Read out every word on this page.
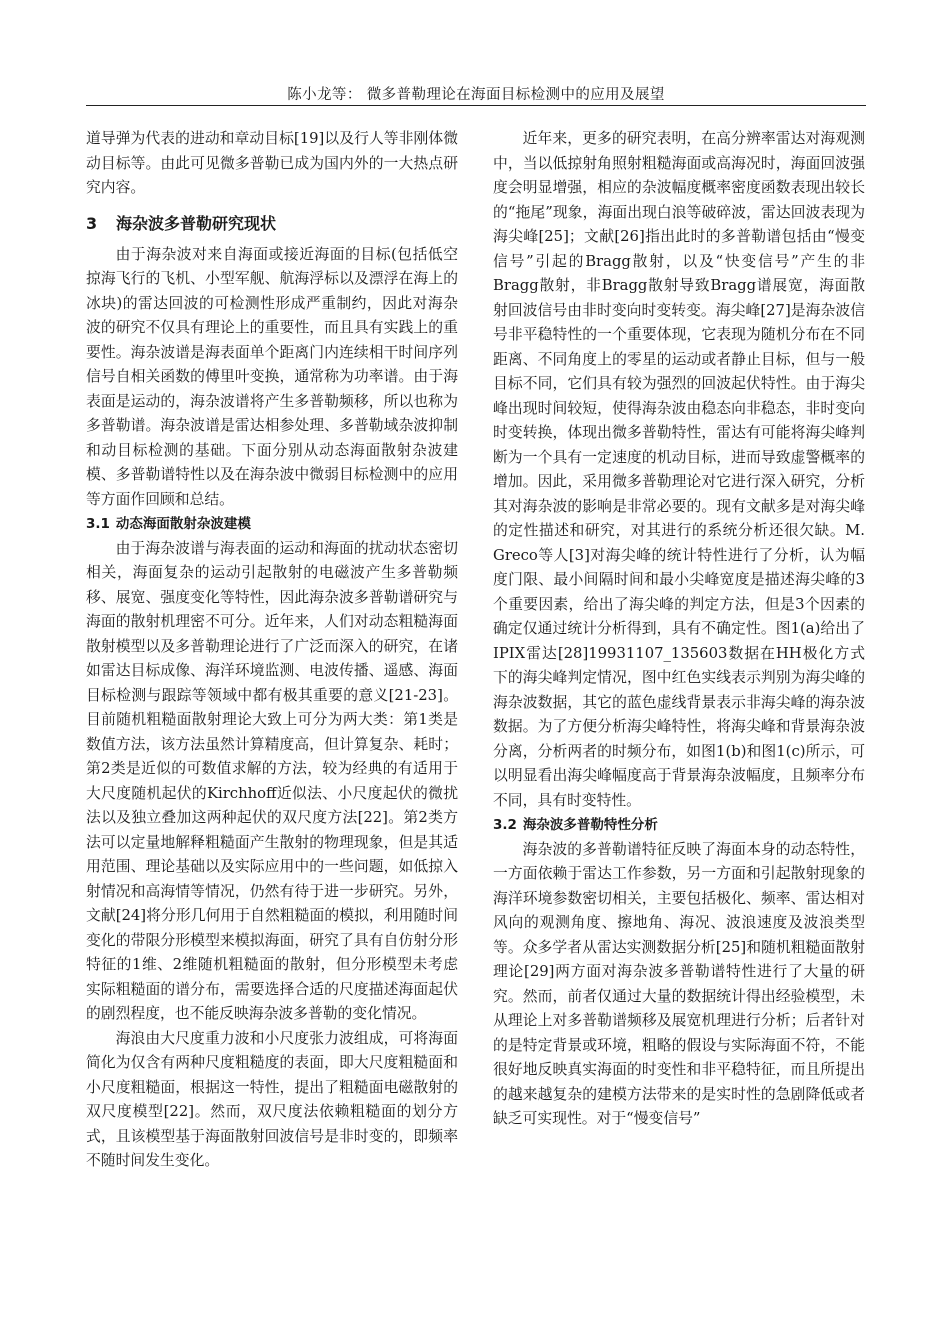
陈小龙等： 微多普勒理论在海面目标检测中的应用及展望

道导弹为代表的进动和章动目标[19]以及行人等非刚体微动目标等。由此可见微多普勒已成为国内外的一大热点研究内容。

3 海杂波多普勒研究现状

由于海杂波对来自海面或接近海面的目标(包括低空掠海飞行的飞机、小型军舰、航海浮标以及漂浮在海上的冰块)的雷达回波的可检测性形成严重制约，因此对海杂波的研究不仅具有理论上的重要性，而且具有实践上的重要性。海杂波谱是海表面单个距离门内连续相干时间序列信号自相关函数的傅里叶变换，通常称为功率谱。由于海表面是运动的，海杂波谱将产生多普勒频移，所以也称为多普勒谱。海杂波谱是雷达相参处理、多普勒域杂波抑制和动目标检测的基础。下面分别从动态海面散射杂波建模、多普勒谱特性以及在海杂波中微弱目标检测中的应用等方面作回顾和总结。

3.1 动态海面散射杂波建模

由于海杂波谱与海表面的运动和海面的扰动状态密切相关，海面复杂的运动引起散射的电磁波产生多普勒频移、展宽、强度变化等特性，因此海杂波多普勒谱研究与海面的散射机理密不可分。近年来，人们对动态粗糙海面散射模型以及多普勒理论进行了广泛而深入的研究，在诸如雷达目标成像、海洋环境监测、电波传播、遥感、海面目标检测与跟踪等领域中都有极其重要的意义[21-23]。目前随机粗糙面散射理论大致上可分为两大类：第1类是数值方法，该方法虽然计算精度高，但计算复杂、耗时；第2类是近似的可数值求解的方法，较为经典的有适用于大尺度随机起伏的Kirchhoff近似法、小尺度起伏的微扰法以及独立叠加这两种起伏的双尺度方法[22]。第2类方法可以定量地解释粗糙面产生散射的物理现象，但是其适用范围、理论基础以及实际应用中的一些问题，如低掠入射情况和高海情等情况，仍然有待于进一步研究。另外，文献[24]将分形几何用于自然粗糙面的模拟，利用随时间变化的带限分形模型来模拟海面，研究了具有自仿射分形特征的1维、2维随机粗糙面的散射，但分形模型未考虑实际粗糙面的谱分布，需要选择合适的尺度描述海面起伏的剧烈程度，也不能反映海杂波多普勒的变化情况。

海浪由大尺度重力波和小尺度张力波组成，可将海面简化为仅含有两种尺度粗糙度的表面，即大尺度粗糙面和小尺度粗糙面，根据这一特性，提出了粗糙面电磁散射的双尺度模型[22]。然而，双尺度法依赖粗糙面的划分方式，且该模型基于海面散射回波信号是非时变的，即频率不随时间发生变化。

近年来，更多的研究表明，在高分辨率雷达对海观测中，当以低掠射角照射粗糙海面或高海况时，海面回波强度会明显增强，相应的杂波幅度概率密度函数表现出较长的“拖尾”现象，海面出现白浪等破碎波，雷达回波表现为海尖峰[25]；文献[26]指出此时的多普勒谱包括由“慢变信号”引起的Bragg散射，以及“快变信号”产生的非Bragg散射，非Bragg散射导致Bragg谱展宽，海面散射回波信号由非时变向时变转变。海尖峰[27]是海杂波信号非平稳特性的一个重要体现，它表现为随机分布在不同距离、不同角度上的零星的运动或者静止目标，但与一般目标不同，它们具有较为强烈的回波起伏特性。由于海尖峰出现时间较短，使得海杂波由稳态向非稳态，非时变向时变转换，体现出微多普勒特性，雷达有可能将海尖峰判断为一个具有一定速度的机动目标，进而导致虚警概率的增加。因此，采用微多普勒理论对它进行深入研究，分析其对海杂波的影响是非常必要的。现有文献多是对海尖峰的定性描述和研究，对其进行的系统分析还很欠缺。M. Greco等人[3]对海尖峰的统计特性进行了分析，认为幅度门限、最小间隔时间和最小尖峰宽度是描述海尖峰的3个重要因素，给出了海尖峰的判定方法，但是3个因素的确定仅通过统计分析得到，具有不确定性。图1(a)给出了IPIX雷达[28]19931107_135603数据在HH极化方式下的海尖峰判定情况，图中红色实线表示判别为海尖峰的海杂波数据，其它的蓝色虚线背景表示非海尖峰的海杂波数据。为了方便分析海尖峰特性，将海尖峰和背景海杂波分离，分析两者的时频分布，如图1(b)和图1(c)所示，可以明显看出海尖峰幅度高于背景海杂波幅度，且频率分布不同，具有时变特性。

3.2 海杂波多普勒特性分析

海杂波的多普勒谱特征反映了海面本身的动态特性，一方面依赖于雷达工作参数，另一方面和引起散射现象的海洋环境参数密切相关，主要包括极化、频率、雷达相对风向的观测角度、擦地角、海况、波浪速度及波浪类型等。众多学者从雷达实测数据分析[25]和随机粗糙面散射理论[29]两方面对海杂波多普勒谱特性进行了大量的研究。然而，前者仅通过大量的数据统计得出经验模型，未从理论上对多普勒谱频移及展宽机理进行分析；后者针对的是特定背景或环境，粗略的假设与实际海面不符，不能很好地反映真实海面的时变性和非平稳特征，而且所提出的越来越复杂的建模方法带来的是实时性的急剧降低或者缺乏可实现性。对于“慢变信号”
